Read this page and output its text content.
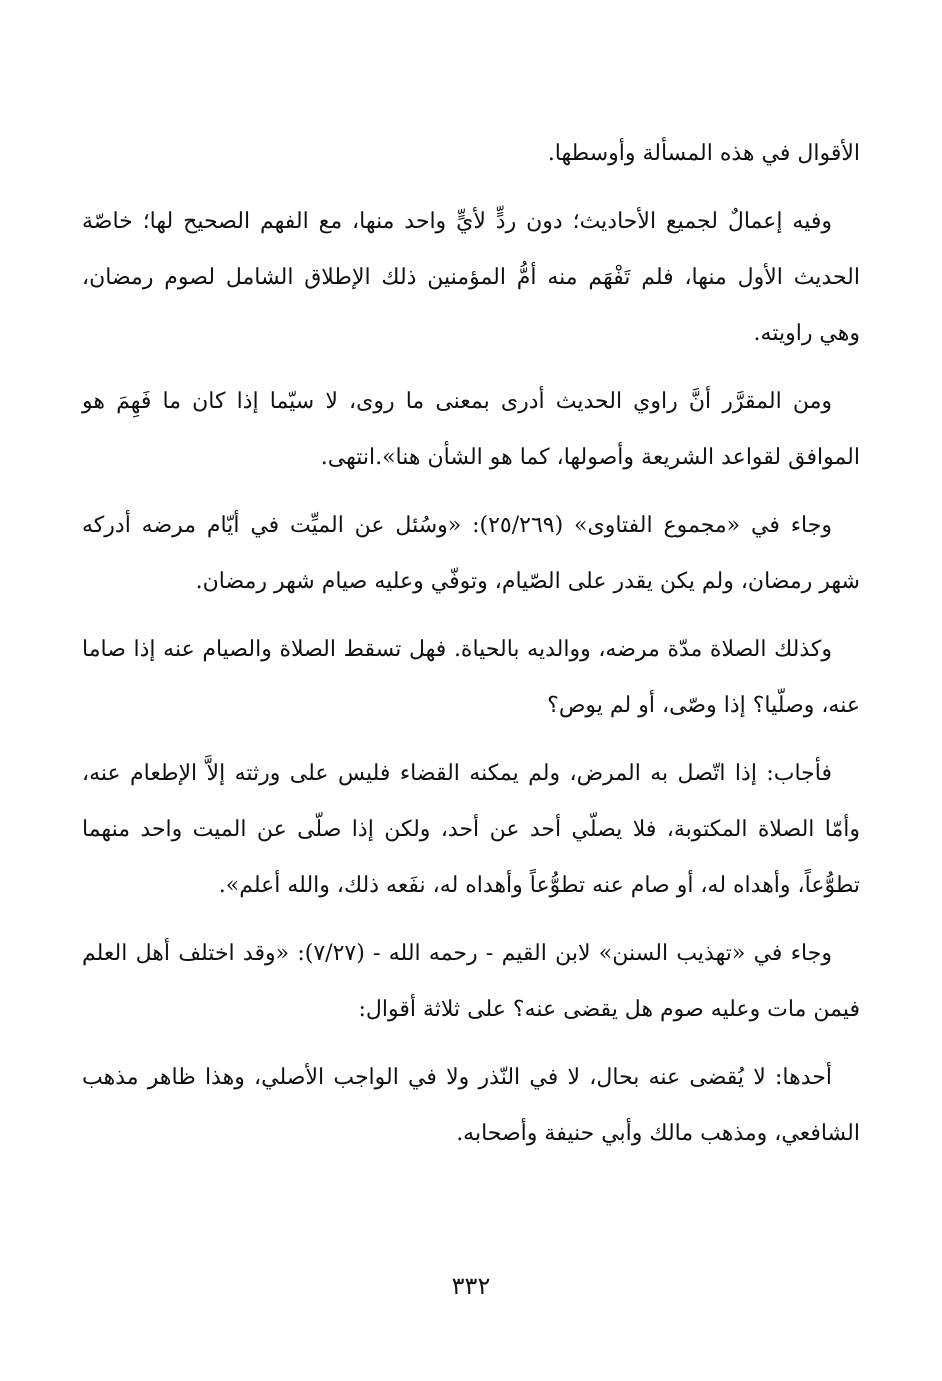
الأقوال في هذه المسألة وأوسطها.

وفيه إعمالٌ لجميع الأحاديث؛ دون ردٍّ لأيٍّ واحد منها، مع الفهم الصحيح لها؛ خاصّة الحديث الأول منها، فلم تَفْهَم منه أمُّ المؤمنين ذلك الإطلاق الشامل لصوم رمضان، وهي راويته.

ومن المقرَّر أنَّ راوي الحديث أدرى بمعنى ما روى، لا سيّما إذا كان ما فَهِمَ هو الموافق لقواعد الشريعة وأصولها، كما هو الشأن هنا».انتهى.

وجاء في «مجموع الفتاوى» (٢٥/٢٦٩): «وسُئل عن الميِّت في أيّام مرضه أدركه شهر رمضان، ولم يكن يقدر على الصّيام، وتوفّي وعليه صيام شهر رمضان.

وكذلك الصلاة مدّة مرضه، ووالديه بالحياة. فهل تسقط الصلاة والصيام عنه إذا صاما عنه، وصلّيا؟ إذا وصّى، أو لم يوص؟

فأجاب: إذا اتّصل به المرض، ولم يمكنه القضاء فليس على ورثته إلاَّ الإطعام عنه، وأمّا الصلاة المكتوبة، فلا يصلّي أحد عن أحد، ولكن إذا صلّى عن الميت واحد منهما تطوُّعاً، وأهداه له، أو صام عنه تطوُّعاً وأهداه له، نفَعه ذلك، والله أعلم».

وجاء في «تهذيب السنن» لابن القيم - رحمه الله - (٧/٢٧): «وقد اختلف أهل العلم فيمن مات وعليه صوم هل يقضى عنه؟ على ثلاثة أقوال:

أحدها: لا يُقضى عنه بحال، لا في النّذر ولا في الواجب الأصلي، وهذا ظاهر مذهب الشافعي، ومذهب مالك وأبي حنيفة وأصحابه.

٣٣٢
